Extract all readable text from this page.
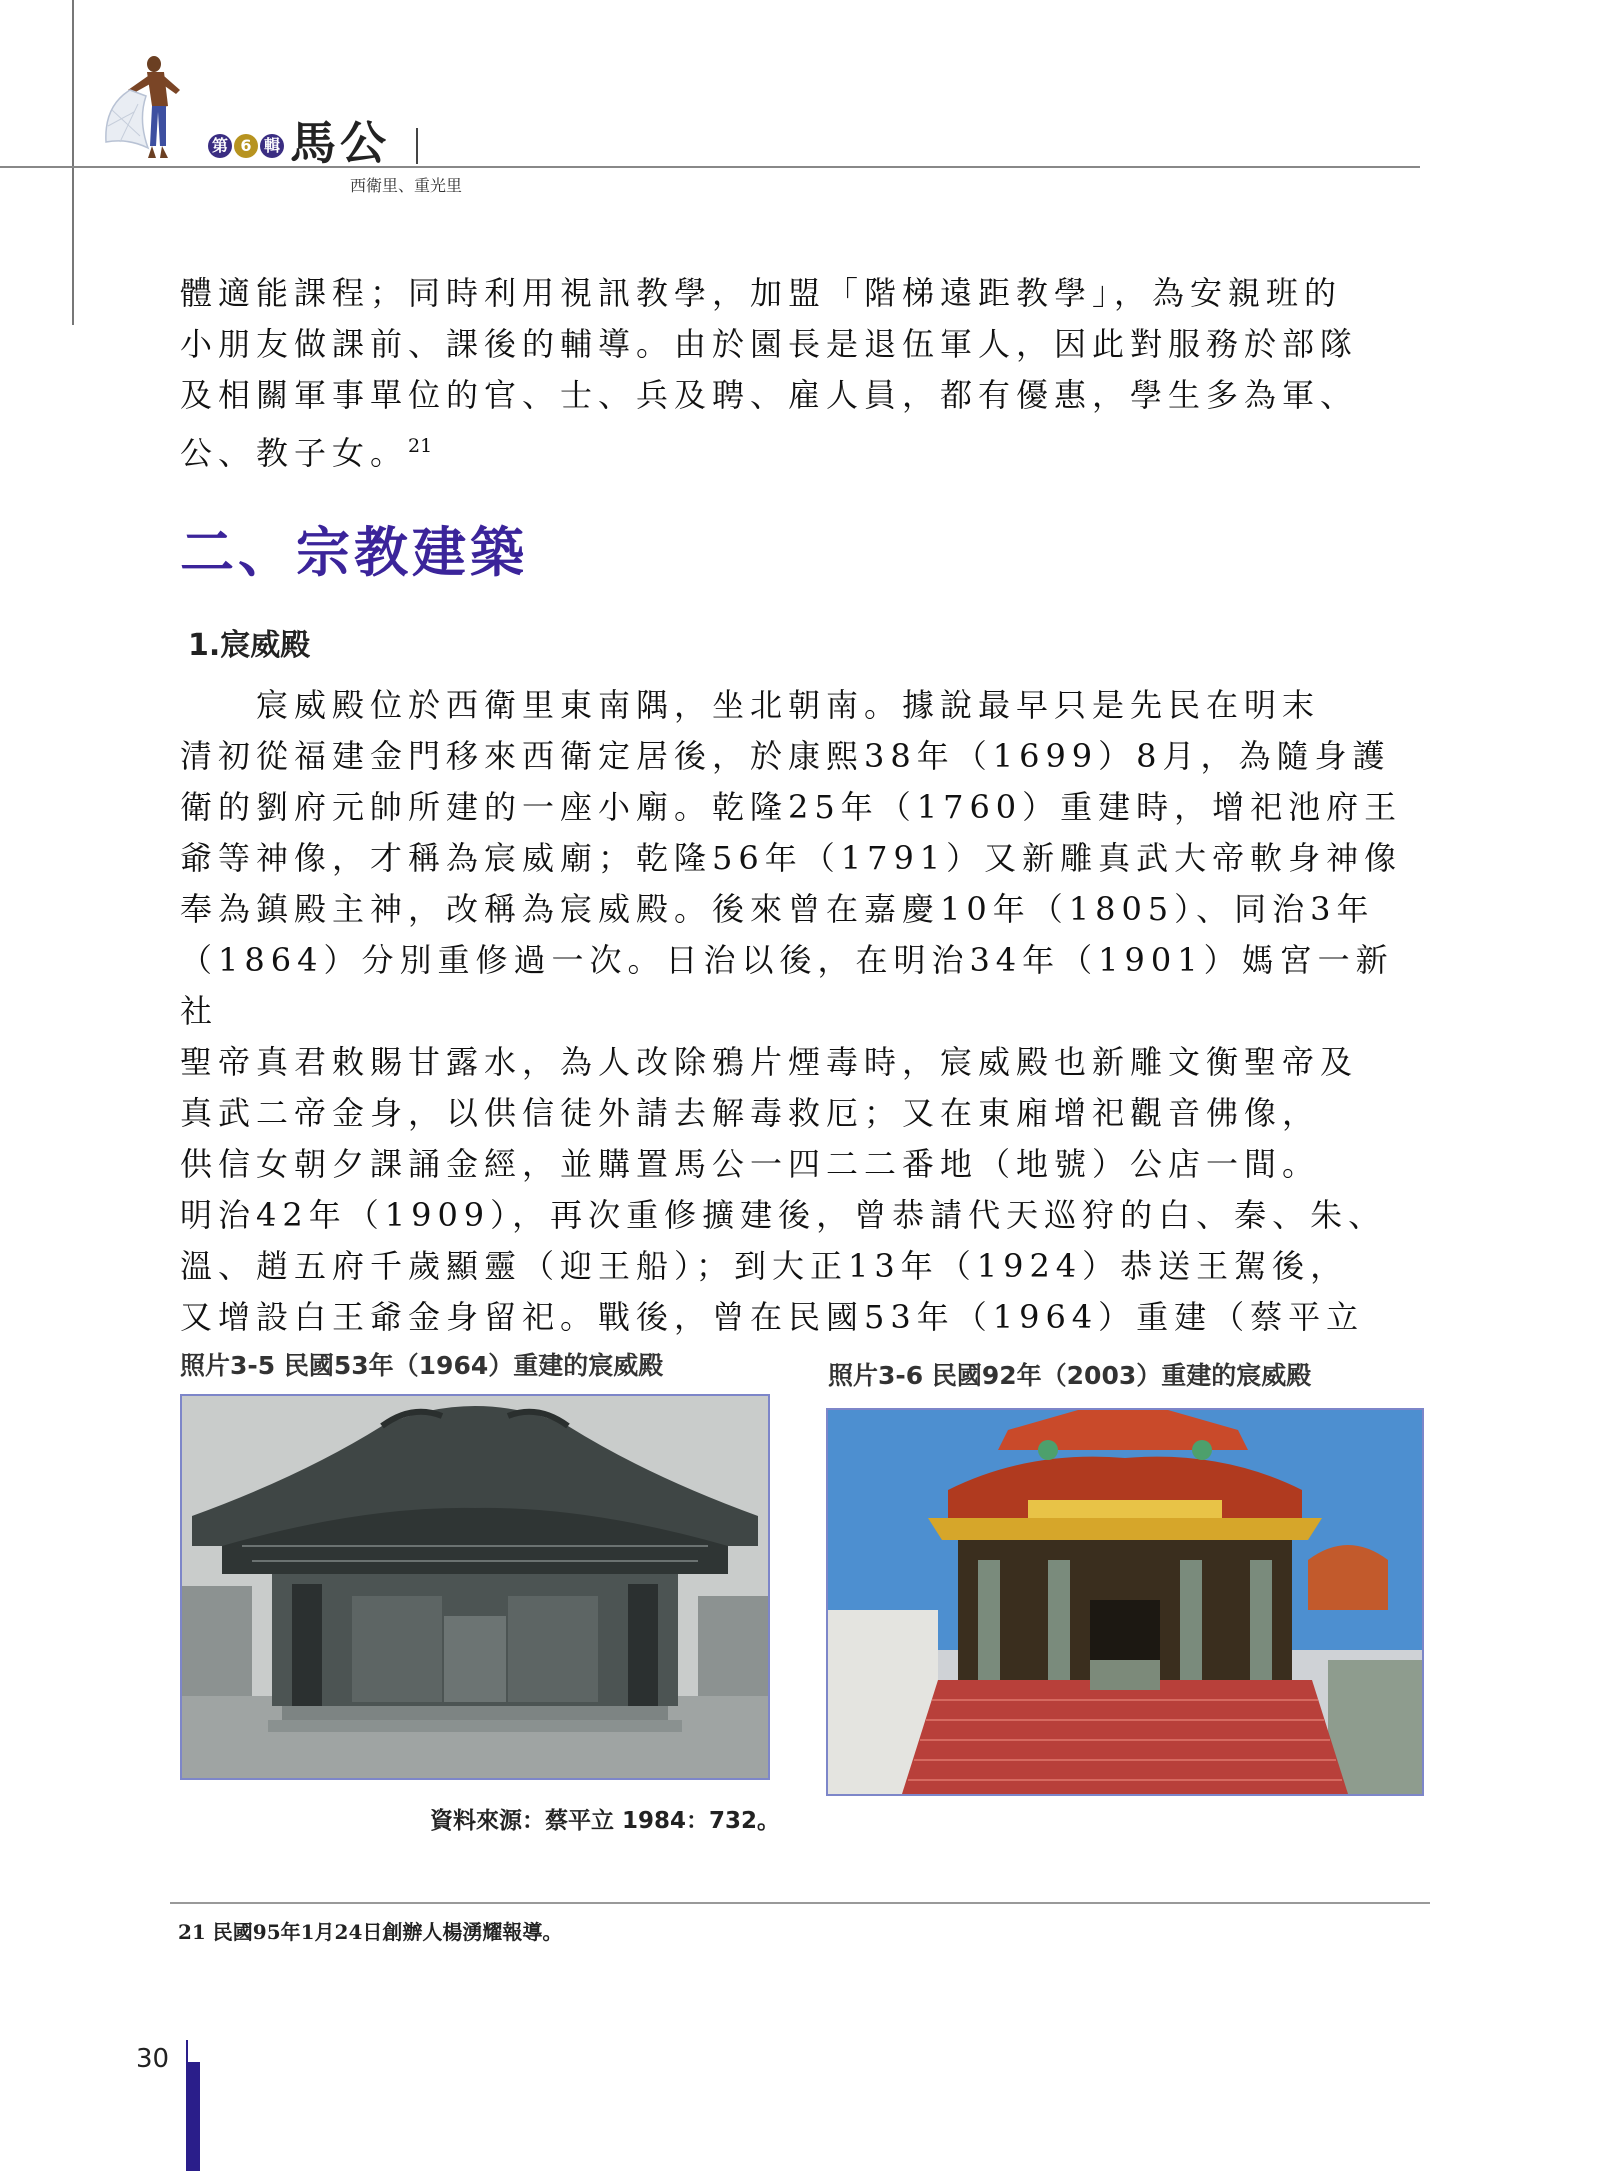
第 6 輯 馬公
西衛里、重光里
體適能課程；同時利用視訊教學，加盟「階梯遠距教學」，為安親班的
小朋友做課前、課後的輔導。由於園長是退伍軍人，因此對服務於部隊
及相關軍事單位的官、士、兵及聘、雇人員，都有優惠，學生多為軍、
公、教子女。$^{21}$
二、宗教建築
1.宸威殿
宸威殿位於西衛里東南隅，坐北朝南。據說最早只是先民在明末
清初從福建金門移來西衛定居後，於康熙38年（1699）8月，為隨身護
衛的劉府元帥所建的一座小廟。乾隆25年（1760）重建時，增祀池府王
爺等神像，才稱為宸威廟；乾隆56年（1791）又新雕真武大帝軟身神像
奉為鎮殿主神，改稱為宸威殿。後來曾在嘉慶10年（1805）、同治3年
（1864）分別重修過一次。日治以後，在明治34年（1901）媽宮一新社
聖帝真君敕賜甘露水，為人改除鴉片煙毒時，宸威殿也新雕文衡聖帝及
真武二帝金身，以供信徒外請去解毒救厄；又在東廂增祀觀音佛像，
供信女朝夕課誦金經，並購置馬公一四二二番地（地號）公店一間。
明治42年（1909），再次重修擴建後，曾恭請代天巡狩的白、秦、朱、
溫、趙五府千歲顯靈（迎王船）；到大正13年（1924）恭送王駕後，
又增設白王爺金身留祀。戰後，曾在民國53年（1964）重建（蔡平立
照片3-5 民國53年（1964）重建的宸威殿	照片3-6 民國92年（2003）重建的宸威殿
資料來源：蔡平立 1984：732。
21 民國95年1月24日創辦人楊湧耀報導。
30
